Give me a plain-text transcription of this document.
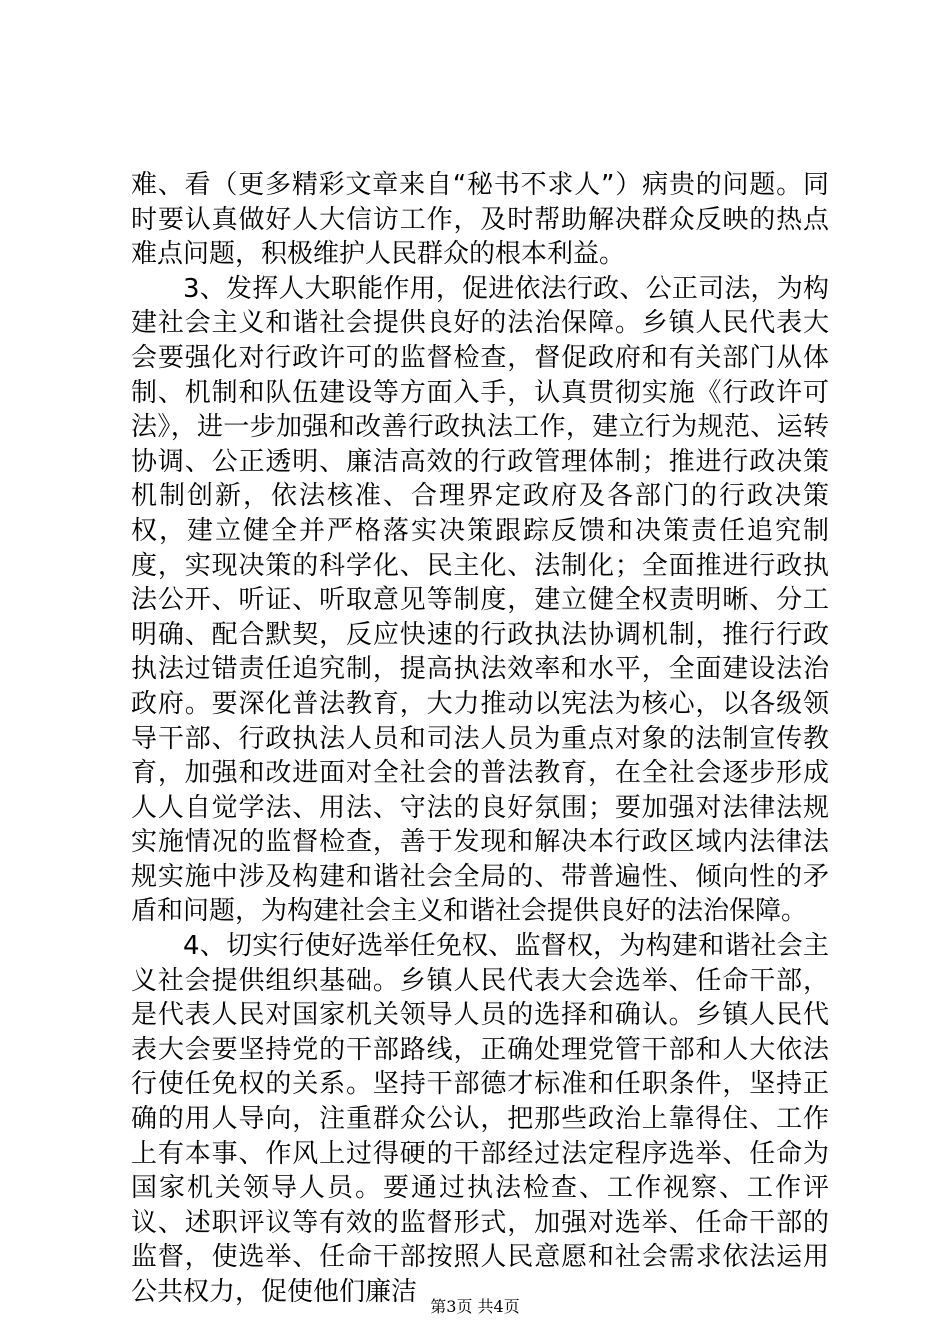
难、看（更多精彩文章来自“秘书不求人”）病贵的问题。同时要认真做好人大信访工作，及时帮助解决群众反映的热点难点问题，积极维护人民群众的根本利益。

3、发挥人大职能作用，促进依法行政、公正司法，为构建社会主义和谐社会提供良好的法治保障。乡镇人民代表大会要强化对行政许可的监督检查，督促政府和有关部门从体制、机制和队伍建设等方面入手，认真贯彻实施《行政许可法》，进一步加强和改善行政执法工作，建立行为规范、运转协调、公正透明、廉洁高效的行政管理体制；推进行政决策机制创新，依法核准、合理界定政府及各部门的行政决策权，建立健全并严格落实决策跟踪反馈和决策责任追究制度，实现决策的科学化、民主化、法制化；全面推进行政执法公开、听证、听取意见等制度，建立健全权责明晰、分工明确、配合默契，反应快速的行政执法协调机制，推行行政执法过错责任追究制，提高执法效率和水平，全面建设法治政府。要深化普法教育，大力推动以宪法为核心，以各级领导干部、行政执法人员和司法人员为重点对象的法制宣传教育，加强和改进面对全社会的普法教育，在全社会逐步形成人人自觉学法、用法、守法的良好氛围；要加强对法律法规实施情况的监督检查，善于发现和解决本行政区域内法律法规实施中涉及构建和谐社会全局的、带普遍性、倾向性的矛盾和问题，为构建社会主义和谐社会提供良好的法治保障。

4、切实行使好选举任免权、监督权，为构建和谐社会主义社会提供组织基础。乡镇人民代表大会选举、任命干部，是代表人民对国家机关领导人员的选择和确认。乡镇人民代表大会要坚持党的干部路线，正确处理党管干部和人大依法行使任免权的关系。坚持干部德才标准和任职条件，坚持正确的用人导向，注重群众公认，把那些政治上靠得住、工作上有本事、作风上过得硬的干部经过法定程序选举、任命为国家机关领导人员。要通过执法检查、工作视察、工作评议、述职评议等有效的监督形式，加强对选举、任命干部的监督，使选举、任命干部按照人民意愿和社会需求依法运用公共权力，促使他们廉洁 第3页 共4页
